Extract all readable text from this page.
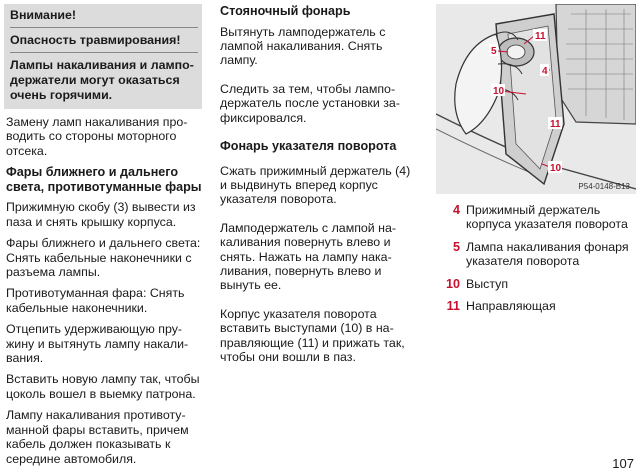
Внимание!
Опасность травмирования!
Лампы накаливания и ламподержатели могут оказаться очень горячими.

Замену ламп накаливания проводить со стороны моторного отсека.

Фары ближнего и дальнего света, противотуманные фары

Прижимную скобу (3) вывести из паза и снять крышку корпуса.

Фары ближнего и дальнего света: Снять кабельные наконечники с разъема лампы.

Противотуманная фара: Снять кабельные наконечники.

Отцепить удерживающую пружину и вытянуть лампу накаливания.

Вставить новую лампу так, чтобы цоколь вошел в выемку патрона.

Лампу накаливания противотуманной фары вставить, причем кабель должен показывать к середине автомобиля.

Стояночный фонарь

Вытянуть ламподержатель с лампой накаливания. Снять лампу.

Следить за тем, чтобы ламподержатель после установки зафиксировался.

Фонарь указателя поворота

Сжать прижимный держатель (4) и выдвинуть вперед корпус указателя поворота.

Ламподержатель с лампой накаливания повернуть влево и снять. Нажать на лампу накаливания, повернуть влево и вынуть ее.

Корпус указателя поворота вставить выступами (10) в направляющие (11) и прижать так, чтобы они вошли в паз.

11
5
4
10
11
10
P54-0148-B13
4 Прижимный держатель корпуса указателя поворота
5 Лампа накаливания фонаря указателя поворота
10 Выступ
11 Направляющая
107
